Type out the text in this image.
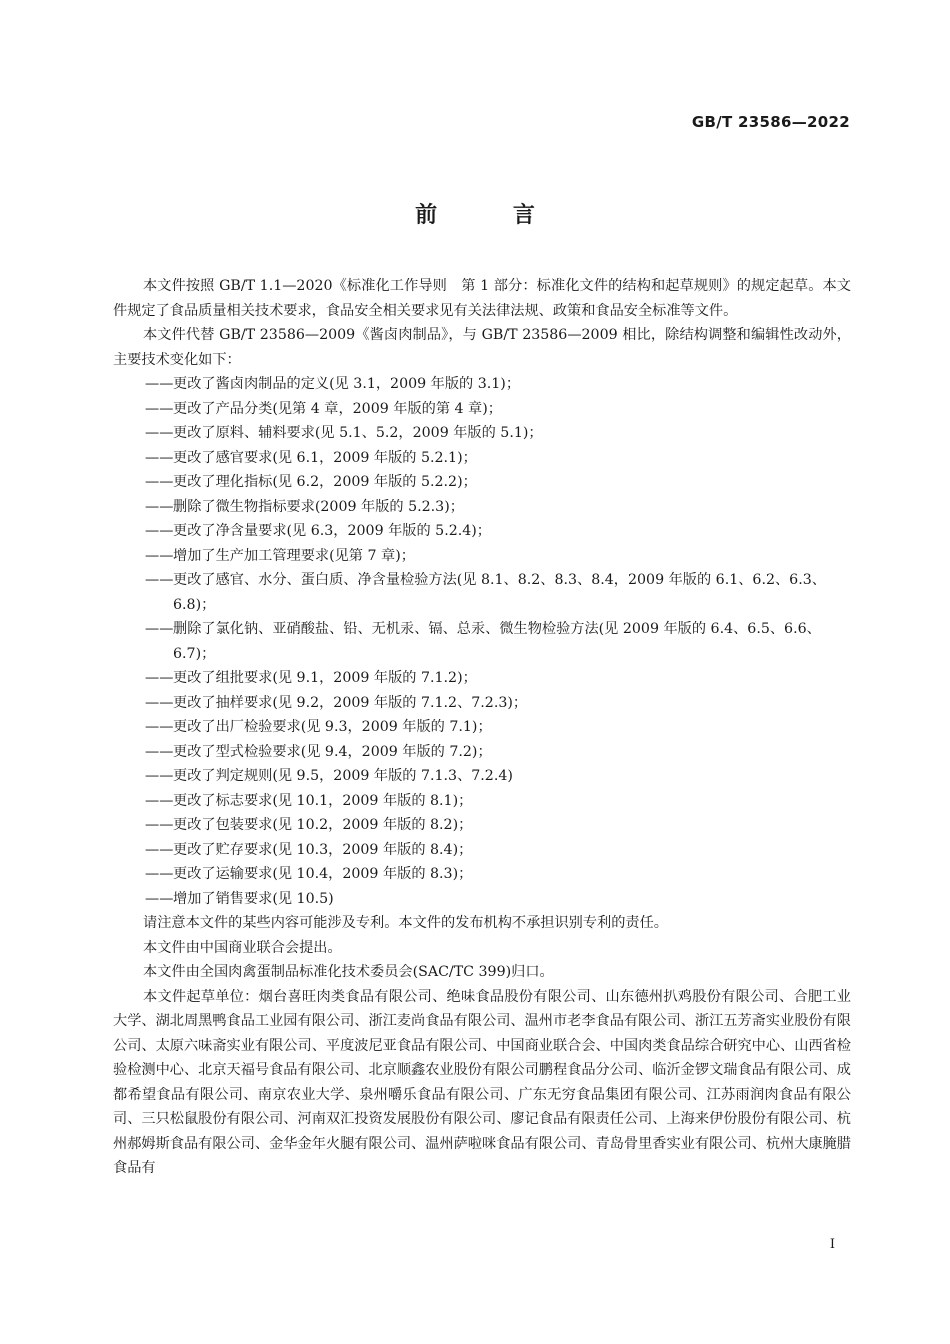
GB/T 23586—2022
前 言

本文件按照 GB/T 1.1—2020《标准化工作导则　第 1 部分：标准化文件的结构和起草规则》的规定起草。本文件规定了食品质量相关技术要求，食品安全相关要求见有关法律法规、政策和食品安全标准等文件。

本文件代替 GB/T 23586—2009《酱卤肉制品》，与 GB/T 23586—2009 相比，除结构调整和编辑性改动外，主要技术变化如下：

——更改了酱卤肉制品的定义(见 3.1，2009 年版的 3.1)；

——更改了产品分类(见第 4 章，2009 年版的第 4 章)；

——更改了原料、辅料要求(见 5.1、5.2，2009 年版的 5.1)；

——更改了感官要求(见 6.1，2009 年版的 5.2.1)；

——更改了理化指标(见 6.2，2009 年版的 5.2.2)；

——删除了微生物指标要求(2009 年版的 5.2.3)；

——更改了净含量要求(见 6.3，2009 年版的 5.2.4)；

——增加了生产加工管理要求(见第 7 章)；

——更改了感官、水分、蛋白质、净含量检验方法(见 8.1、8.2、8.3、8.4，2009 年版的 6.1、6.2、6.3、6.8)；

——删除了氯化钠、亚硝酸盐、铅、无机汞、镉、总汞、微生物检验方法(见 2009 年版的 6.4、6.5、6.6、6.7)；

——更改了组批要求(见 9.1，2009 年版的 7.1.2)；

——更改了抽样要求(见 9.2，2009 年版的 7.1.2、7.2.3)；

——更改了出厂检验要求(见 9.3，2009 年版的 7.1)；

——更改了型式检验要求(见 9.4，2009 年版的 7.2)；

——更改了判定规则(见 9.5，2009 年版的 7.1.3、7.2.4)

——更改了标志要求(见 10.1，2009 年版的 8.1)；

——更改了包装要求(见 10.2，2009 年版的 8.2)；

——更改了贮存要求(见 10.3，2009 年版的 8.4)；

——更改了运输要求(见 10.4，2009 年版的 8.3)；

——增加了销售要求(见 10.5)

请注意本文件的某些内容可能涉及专利。本文件的发布机构不承担识别专利的责任。

本文件由中国商业联合会提出。

本文件由全国肉禽蛋制品标准化技术委员会(SAC/TC 399)归口。

本文件起草单位：烟台喜旺肉类食品有限公司、绝味食品股份有限公司、山东德州扒鸡股份有限公司、合肥工业大学、湖北周黑鸭食品工业园有限公司、浙江麦尚食品有限公司、温州市老李食品有限公司、浙江五芳斋实业股份有限公司、太原六味斋实业有限公司、平度波尼亚食品有限公司、中国商业联合会、中国肉类食品综合研究中心、山西省检验检测中心、北京天福号食品有限公司、北京顺鑫农业股份有限公司鹏程食品分公司、临沂金锣文瑞食品有限公司、成都希望食品有限公司、南京农业大学、泉州嚼乐食品有限公司、广东无穷食品集团有限公司、江苏雨润肉食品有限公司、三只松鼠股份有限公司、河南双汇投资发展股份有限公司、廖记食品有限责任公司、上海来伊份股份有限公司、杭州郝姆斯食品有限公司、金华金年火腿有限公司、温州萨啦咪食品有限公司、青岛骨里香实业有限公司、杭州大康腌腊食品有

I
